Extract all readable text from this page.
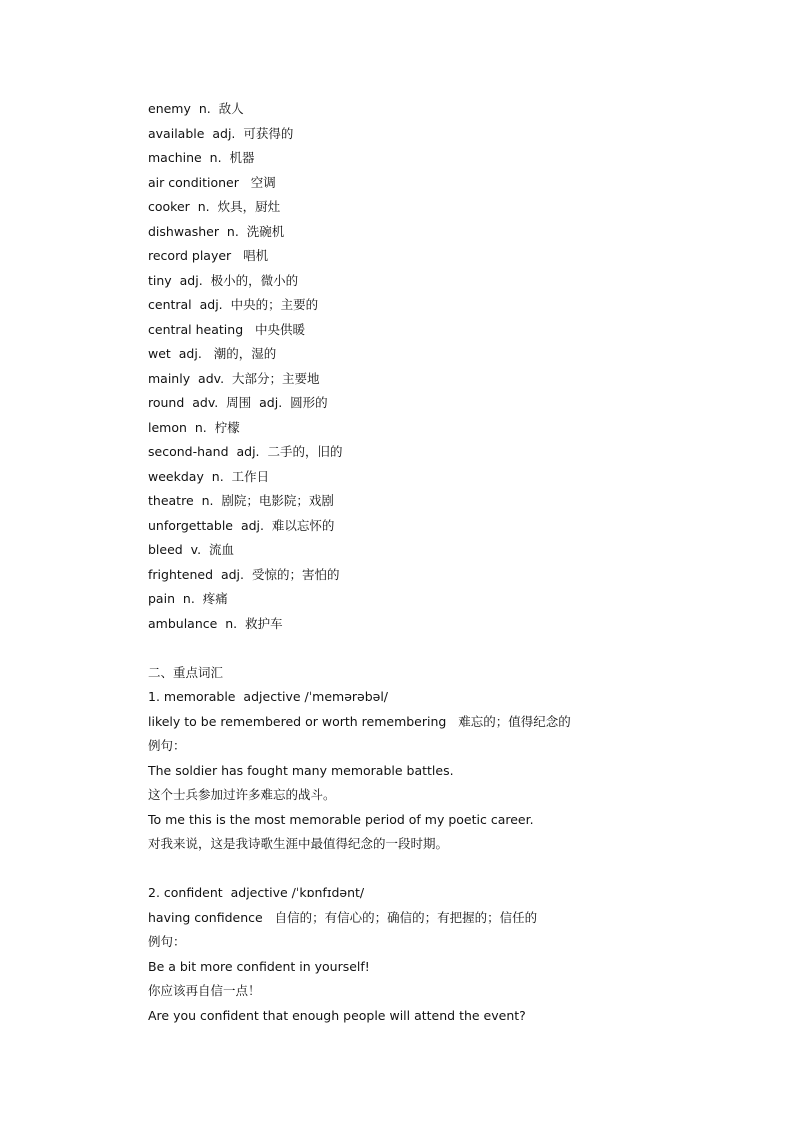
enemy  n.  敌人
available  adj.  可获得的
machine  n.  机器
air conditioner   空调
cooker  n.  炊具，厨灶
dishwasher  n.  洗碗机
record player   唱机
tiny  adj.  极小的，微小的
central  adj.  中央的；主要的
central heating   中央供暖
wet  adj.   潮的，湿的
mainly  adv.  大部分；主要地
round  adv.  周围  adj.  圆形的
lemon  n.  柠檬
second-hand  adj.  二手的，旧的
weekday  n.  工作日
theatre  n.  剧院；电影院；戏剧
unforgettable  adj.  难以忘怀的
bleed  v.  流血
frightened  adj.  受惊的；害怕的
pain  n.  疼痛
ambulance  n.  救护车
二、重点词汇
1. memorable  adjective /ˈmemərəbəl/
likely to be remembered or worth remembering   难忘的；值得纪念的
例句：
The soldier has fought many memorable battles.
这个士兵参加过许多难忘的战斗。
To me this is the most memorable period of my poetic career.
对我来说，这是我诗歌生涯中最值得纪念的一段时期。
2. confident  adjective /ˈkɒnfɪdənt/
having confidence   自信的；有信心的；确信的；有把握的；信任的
例句：
Be a bit more confident in yourself!
你应该再自信一点！
Are you confident that enough people will attend the event?
